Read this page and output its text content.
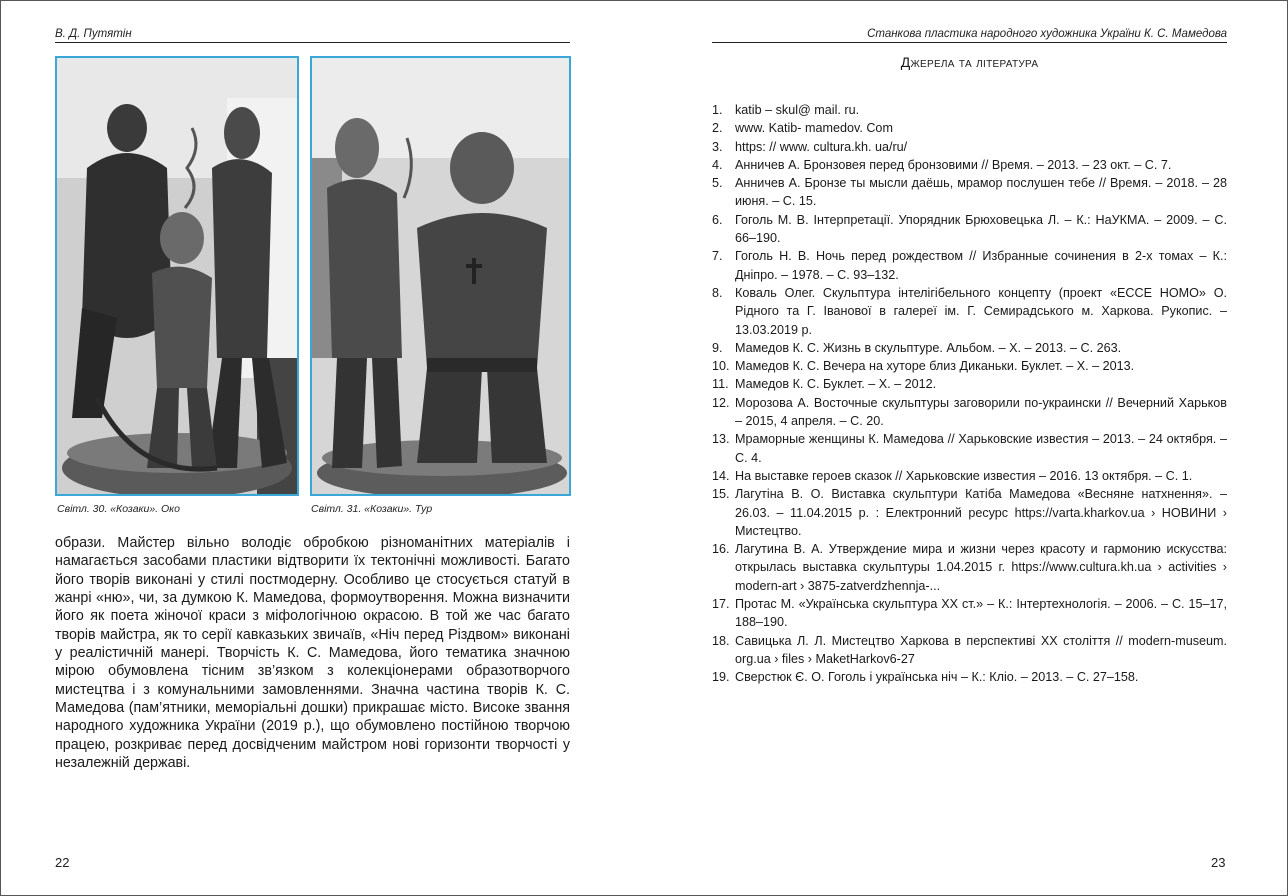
В. Д. Путятін
Світл. 30. «Козаки». Око	Світл. 31. «Козаки». Тур
образи. Майстер вільно володіє обробкою різноманітних матеріалів і намагається засобами пластики відтворити їх тектонічні можливості. Багато його творів виконані у стилі постмодерну. Особливо це стосується статуй в жанрі «ню», чи, за думкою К. Мамедова, формоутворення. Можна визначити його як поета жіночої краси з міфологічною окрасою. В той же час багато творів майстра, як то серії кавказьких звичаїв, «Ніч перед Різдвом» виконані у реалістичній манері. Творчість К. С. Мамедова, його тематика значною мірою обумовлена тісним зв’язком з колекціонерами образотворчого мистецтва і з комунальними замовленнями. Значна частина творів К. С. Мамедова (пам’ятники, меморіальні дошки) прикрашає місто. Високе звання народного художника України (2019 р.), що обумовлено постійною творчою працею, розкриває перед досвідченим майстром нові горизонти творчості у незалежній державі.
22
Станкова пластика народного художника України К. С. Мамедова
Джерела та література
1. katib – skul@ mail. ru.
2. www. Katib- mamedov. Com
3. https: // www. cultura.kh. ua/ru/
4. Анничев А. Бронзовея перед бронзовими // Время. – 2013. – 23 окт. – С. 7.
5. Анничев А. Бронзе ты мысли даёшь, мрамор послушен тебе // Время. – 2018. – 28 июня. – С. 15.
6. Гоголь М. В. Інтерпретації. Упорядник Брюховецька Л. – К.: НаУКМА. – 2009. – С. 66–190.
7. Гоголь Н. В. Ночь перед рождеством // Избранные сочинения в 2-х томах – К.: Дніпро. – 1978. – С. 93–132.
8. Коваль Олег. Скульптура інтелігібельного концепту (проект «ЕССЕ НОМО» О. Рідного та Г. Іванової в галереї ім. Г. Семирадського м. Харкова. Рукопис. – 13.03.2019 р.
9. Мамедов К. С. Жизнь в скульптуре. Альбом. – Х. – 2013. – С. 263.
10. Мамедов К. С. Вечера на хуторе близ Диканьки. Буклет. – Х. – 2013.
11. Мамедов К. С. Буклет. – Х. – 2012.
12. Морозова А. Восточные скульптуры заговорили по-украински // Вечерний Харьков – 2015, 4 апреля. – С. 20.
13. Мраморные женщины К. Мамедова // Харьковские известия – 2013. – 24 октября. – С. 4.
14. На выставке героев сказок // Харьковские известия – 2016. 13 октября. – С. 1.
15. Лагутіна В. О. Виставка скульптури Катіба Мамедова «Весняне натхнення». – 26.03. – 11.04.2015 р. : Електронний ресурс https://varta.kharkov.ua › НОВИНИ › Мистецтво.
16. Лагутина В. А. Утверждение мира и жизни через красоту и гармонию искусства: открылась выставка скульптуры 1.04.2015 г. https://www.cultura.kh.ua › activities › modern-art › 3875-zatverdzhennja-...
17. Протас М. «Українська скульптура ХХ ст.» – К.: Інтертехнологія. – 2006. – С. 15–17, 188–190.
18. Савицька Л. Л. Мистецтво Харкова в перспективі ХХ століття // modern-museum. org.ua › files › MaketHarkov6-27
19. Сверстюк Є. О. Гоголь і українська ніч – К.: Кліо. – 2013. – С. 27–158.
23
